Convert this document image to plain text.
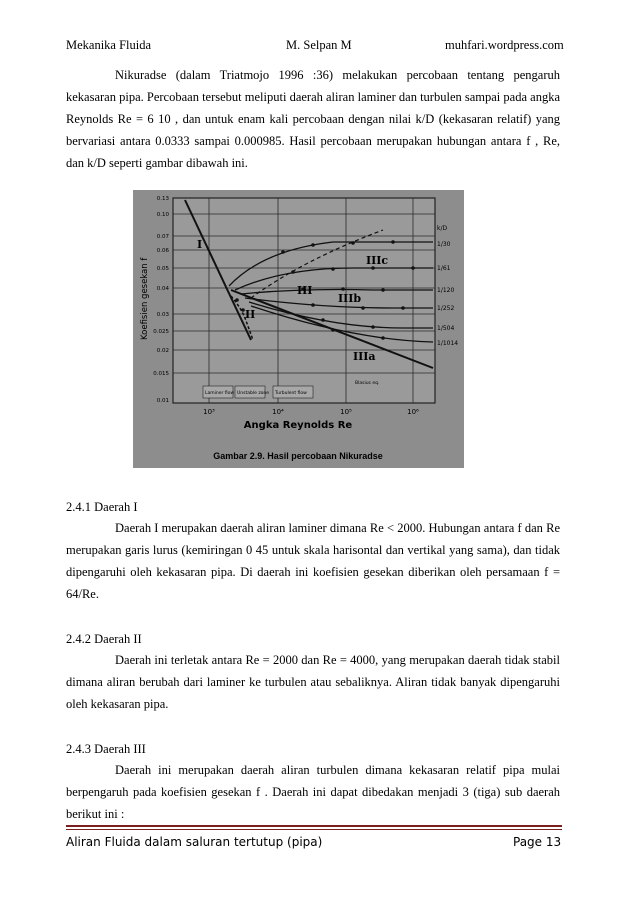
Mekanika Fluida	M. Selpan M	muhfari.wordpress.com

Nikuradse (dalam Triatmojo 1996 :36) melakukan percobaan tentang pengaruh kekasaran pipa. Percobaan tersebut meliputi daerah aliran laminer dan turbulen sampai pada angka Reynolds Re = 6 10 , dan untuk enam kali percobaan dengan nilai k/D (kekasaran relatif) yang bervariasi antara 0.0333 sampai 0.000985. Hasil percobaan merupakan hubungan antara f , Re, dan k/D seperti gambar dibawah ini.

I
II
III
IIIc
IIIb
IIIa
k/D
1/30
1/61
1/120
1/252
1/504
1/1014
0.13
0.10
0.07
0.06
0.05
0.04
0.03
0.025
0.02
0.015
0.01
Koefisien gesekan f
Laminer flow Unstable zone Turbulent flow
Blasius eq.
10³	10⁴	10⁵	10⁶
Angka Reynolds Re
Gambar 2.9. Hasil percobaan Nikuradse
2.4.1 Daerah I

Daerah I merupakan daerah aliran laminer dimana Re < 2000. Hubungan antara f dan Re merupakan garis lurus (kemiringan 0 45 untuk skala harisontal dan vertikal yang sama), dan tidak dipengaruhi oleh kekasaran pipa. Di daerah ini koefisien gesekan diberikan oleh persamaan f = 64/Re.

2.4.2 Daerah II

Daerah ini terletak antara Re = 2000 dan Re = 4000, yang merupakan daerah tidak stabil dimana aliran berubah dari laminer ke turbulen atau sebaliknya. Aliran tidak banyak dipengaruhi oleh kekasaran pipa.

2.4.3 Daerah III

Daerah ini merupakan daerah aliran turbulen dimana kekasaran relatif pipa mulai berpengaruh pada koefisien gesekan f . Daerah ini dapat dibedakan menjadi 3 (tiga) sub daerah berikut ini :

Aliran Fluida dalam saluran tertutup (pipa)	Page 13
